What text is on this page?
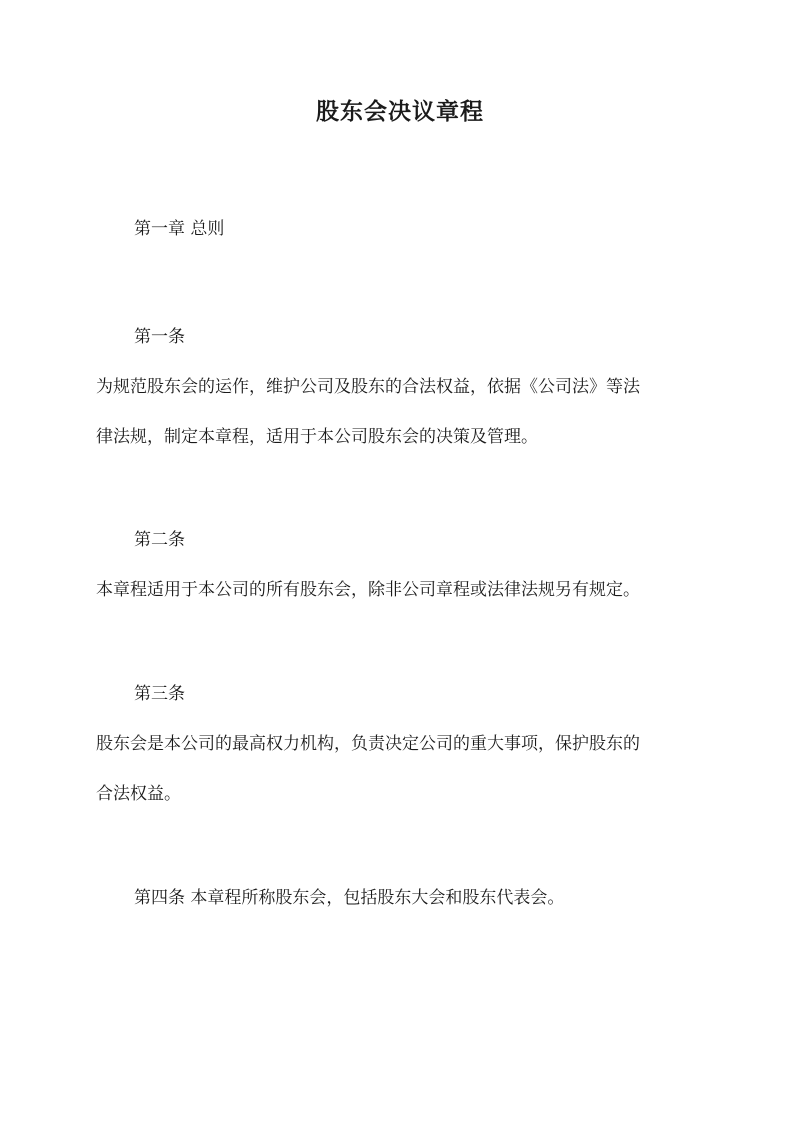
股东会决议章程
第一章 总则
第一条
为规范股东会的运作，维护公司及股东的合法权益，依据《公司法》等法
律法规，制定本章程，适用于本公司股东会的决策及管理。
第二条
本章程适用于本公司的所有股东会，除非公司章程或法律法规另有规定。
第三条
股东会是本公司的最高权力机构，负责决定公司的重大事项，保护股东的
合法权益。
第四条 本章程所称股东会，包括股东大会和股东代表会。
